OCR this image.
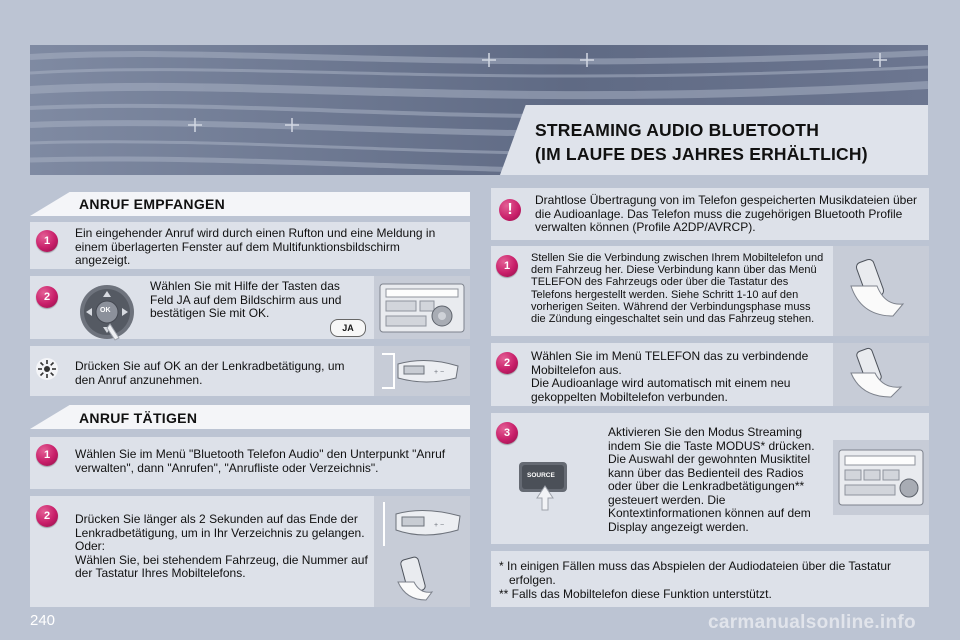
STREAMING AUDIO BLUETOOTH
(IM LAUFE DES JAHRES ERHÄLTLICH)
ANRUF EMPFANGEN
1
Ein eingehender Anruf wird durch einen Rufton und eine Meldung in einem überlagerten Fenster auf dem Multifunktionsbildschirm angezeigt.
2
OK
Wählen Sie mit Hilfe der Tasten das Feld JA auf dem Bildschirm aus und bestätigen Sie mit OK.
JA
Drücken Sie auf OK an der Lenkradbetätigung, um den Anruf anzunehmen.	+ −
ANRUF TÄTIGEN
1	Wählen Sie im Menü "Bluetooth Telefon Audio" den Unterpunkt "Anruf verwalten", dann "Anrufen", "Anrufliste oder Verzeichnis".
2	Drücken Sie länger als 2 Sekunden auf das Ende der Lenkradbetätigung, um in Ihr Verzeichnis zu gelangen.
Oder:
Wählen Sie, bei stehendem Fahrzeug, die Nummer auf der Tastatur Ihres Mobiltelefons.
+ −
!
Drahtlose Übertragung von im Telefon gespeicherten Musikdateien über die Audioanlage. Das Telefon muss die zugehörigen Bluetooth Profile verwalten können (Profile A2DP/AVRCP).
1
Stellen Sie die Verbindung zwischen Ihrem Mobiltelefon und dem Fahrzeug her. Diese Verbindung kann über das Menü TELEFON des Fahrzeugs oder über die Tastatur des Telefons hergestellt werden. Siehe Schritt 1-10 auf den vorherigen Seiten. Während der Verbindungsphase muss die Zündung eingeschaltet sein und das Fahrzeug stehen.
2	Wählen Sie im Menü TELEFON das zu verbindende Mobiltelefon aus.
Die Audioanlage wird automatisch mit einem neu gekoppelten Mobiltelefon verbunden.
3
SOURCE
Aktivieren Sie den Modus Streaming indem Sie die Taste MODUS* drücken. Die Auswahl der gewohnten Musiktitel kann über das Bedienteil des Radios oder über die Lenkradbetätigungen** gesteuert werden. Die Kontextinformationen können auf dem Display angezeigt werden.
* In einigen Fällen muss das Abspielen der Audiodateien über die Tastatur erfolgen.
** Falls das Mobiltelefon diese Funktion unterstützt.
240	carmanualsonline.info
